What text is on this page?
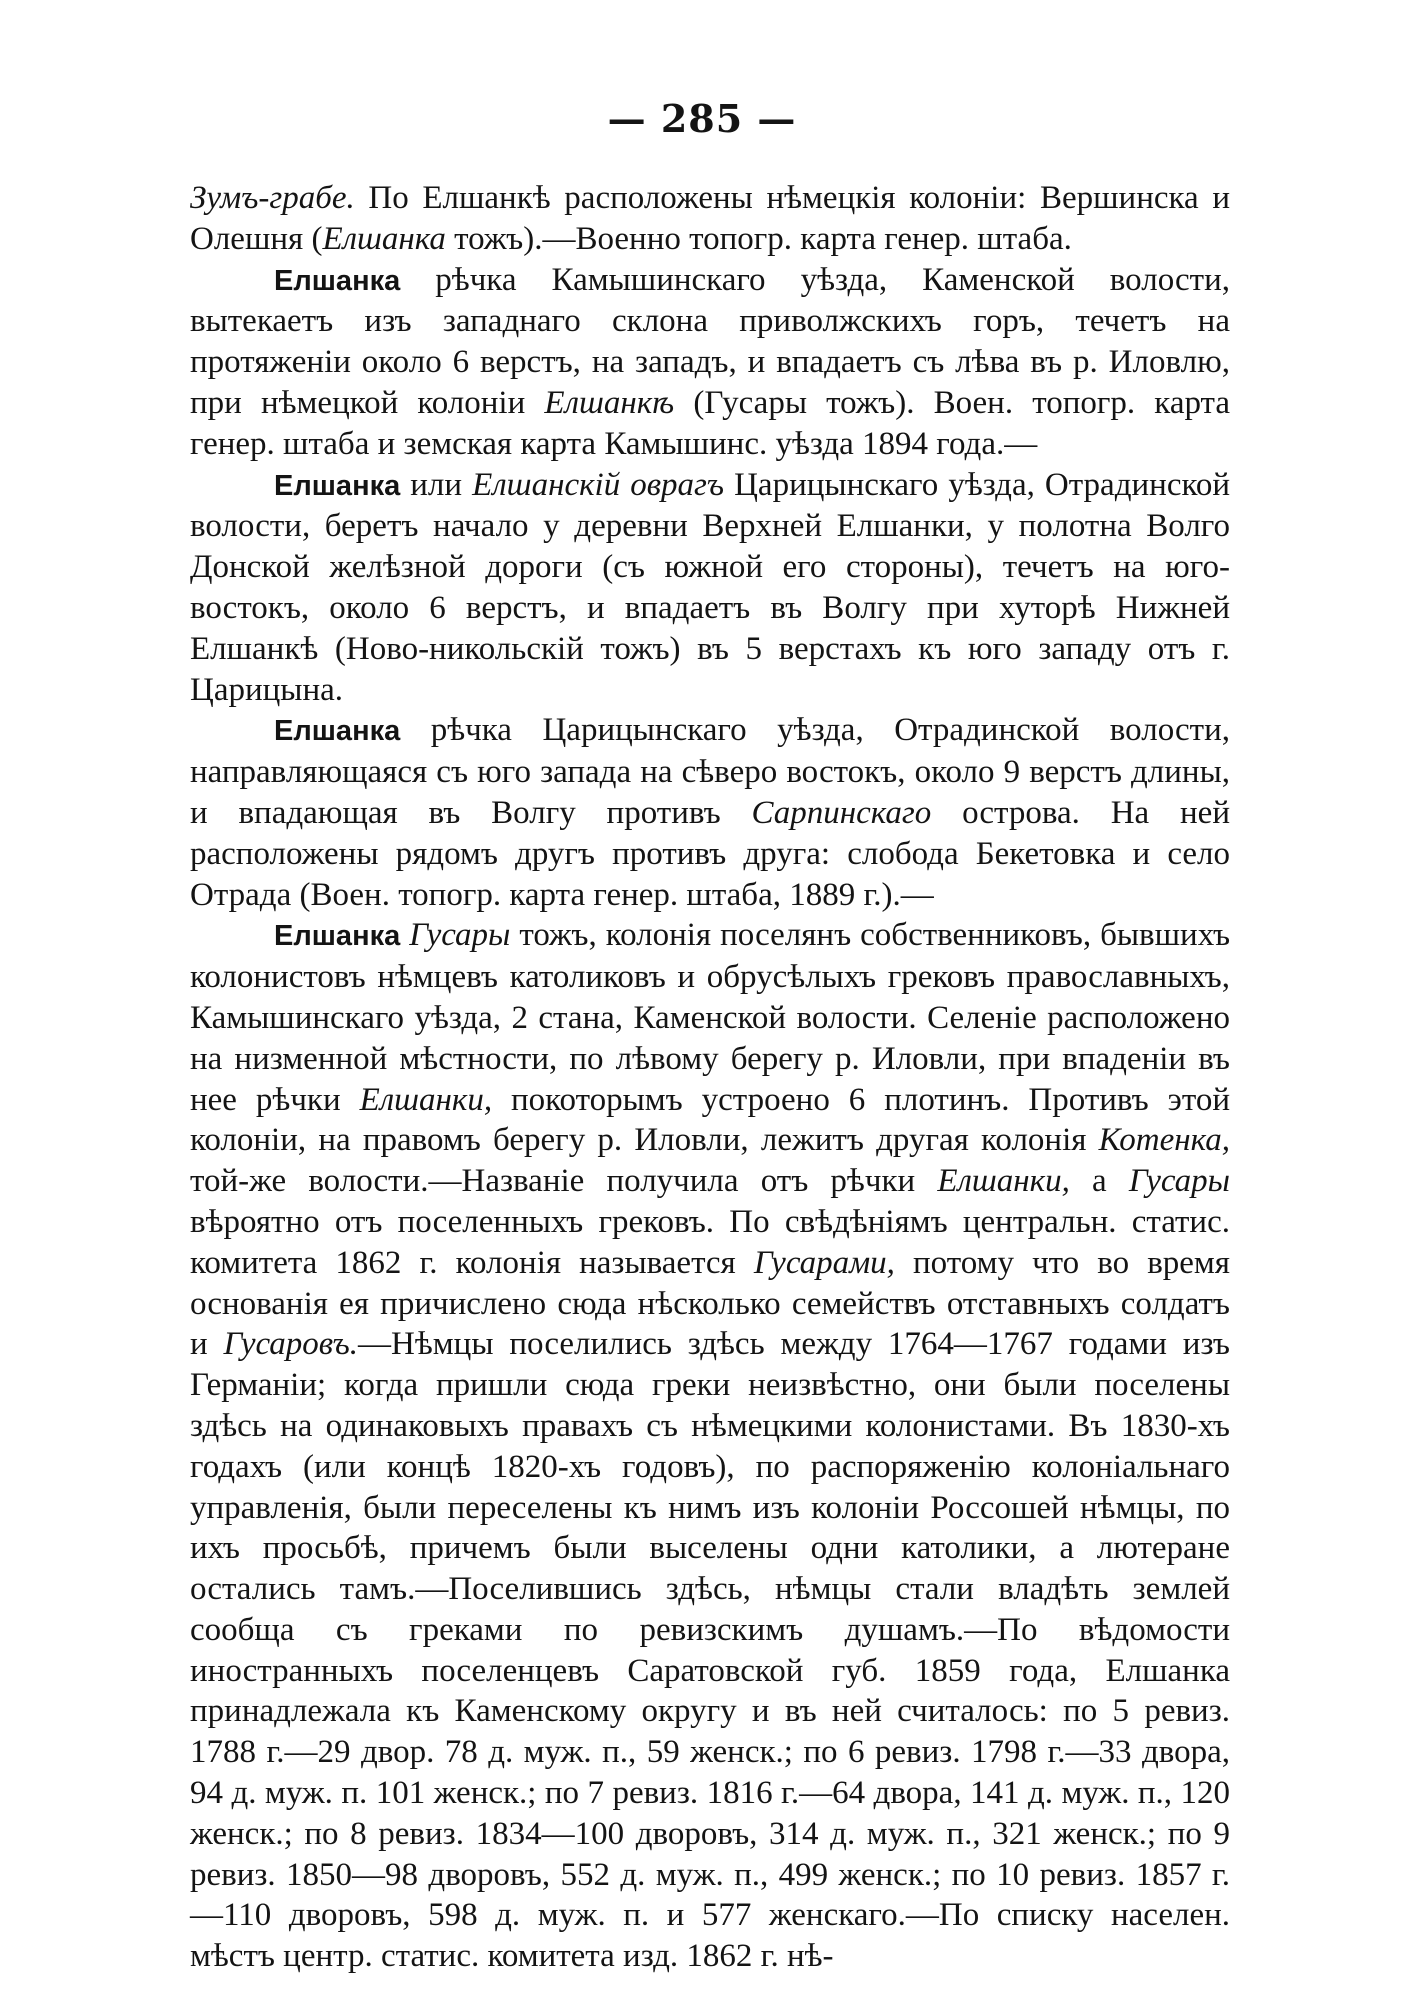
— 285 —

Зумъ-грабе. По Елшанкѣ расположены нѣмецкія колоніи: Вершинска и Олешня (Елшанка тожъ).—Военно топогр. карта генер. штаба.

Елшанка рѣчка Камышинскаго уѣзда, Каменской волости, вытекаетъ изъ западнаго склона приволжскихъ горъ, течетъ на протяженіи около 6 верстъ, на западъ, и впадаетъ съ лѣва въ р. Иловлю, при нѣмецкой колоніи Елшанкѣ (Гусары тожъ). Воен. топогр. карта генер. штаба и земская карта Камышинс. уѣзда 1894 года.—

Елшанка или Елшанскій оврагъ Царицынскаго уѣзда, Отрадинской волости, беретъ начало у деревни Верхней Елшанки, у полотна Волго Донской желѣзной дороги (съ южной его стороны), течетъ на юго-востокъ, около 6 верстъ, и впадаетъ въ Волгу при хуторѣ Нижней Елшанкѣ (Ново-никольскій тожъ) въ 5 верстахъ къ юго западу отъ г. Царицына.

Елшанка рѣчка Царицынскаго уѣзда, Отрадинской волости, направляющаяся съ юго запада на сѣверо востокъ, около 9 верстъ длины, и впадающая въ Волгу противъ Сарпинскаго острова. На ней расположены рядомъ другъ противъ друга: слобода Бекетовка и село Отрада (Воен. топогр. карта генер. штаба, 1889 г.).—

Елшанка Гусары тожъ, колонія поселянъ собственниковъ, бывшихъ колонистовъ нѣмцевъ католиковъ и обрусѣлыхъ грековъ православныхъ, Камышинскаго уѣзда, 2 стана, Каменской волости. Селеніе расположено на низменной мѣстности, по лѣвому берегу р. Иловли, при впаденіи въ нее рѣчки Елшанки, покоторымъ устроено 6 плотинъ. Противъ этой колоніи, на правомъ берегу р. Иловли, лежитъ другая колонія Котенка, той-же волости.—Названіе получила отъ рѣчки Елшанки, а Гусары вѣроятно отъ поселенныхъ грековъ. По свѣдѣніямъ центральн. статис. комитета 1862 г. колонія называется Гусарами, потому что во время основанія ея причислено сюда нѣсколько семействъ отставныхъ солдатъ и Гусаровъ.—Нѣмцы поселились здѣсь между 1764—1767 годами изъ Германіи; когда пришли сюда греки неизвѣстно, они были поселены здѣсь на одинаковыхъ правахъ съ нѣмецкими колонистами. Въ 1830-хъ годахъ (или концѣ 1820-хъ годовъ), по распоряженію колоніальнаго управленія, были переселены къ нимъ изъ колоніи Россошей нѣмцы, по ихъ просьбѣ, причемъ были выселены одни католики, а лютеране остались тамъ.—Поселившись здѣсь, нѣмцы стали владѣть землей сообща съ греками по ревизскимъ душамъ.—По вѣдомости иностранныхъ поселенцевъ Саратовской губ. 1859 года, Елшанка принадлежала къ Каменскому округу и въ ней считалось: по 5 ревиз. 1788 г.—29 двор. 78 д. муж. п., 59 женск.; по 6 ревиз. 1798 г.—33 двора, 94 д. муж. п. 101 женск.; по 7 ревиз. 1816 г.—64 двора, 141 д. муж. п., 120 женск.; по 8 ревиз. 1834—100 дворовъ, 314 д. муж. п., 321 женск.; по 9 ревиз. 1850—98 дворовъ, 552 д. муж. п., 499 женск.; по 10 ревиз. 1857 г.—110 дворовъ, 598 д. муж. п. и 577 женскаго.—По списку населен. мѣстъ центр. статис. комитета изд. 1862 г. нѣ-
